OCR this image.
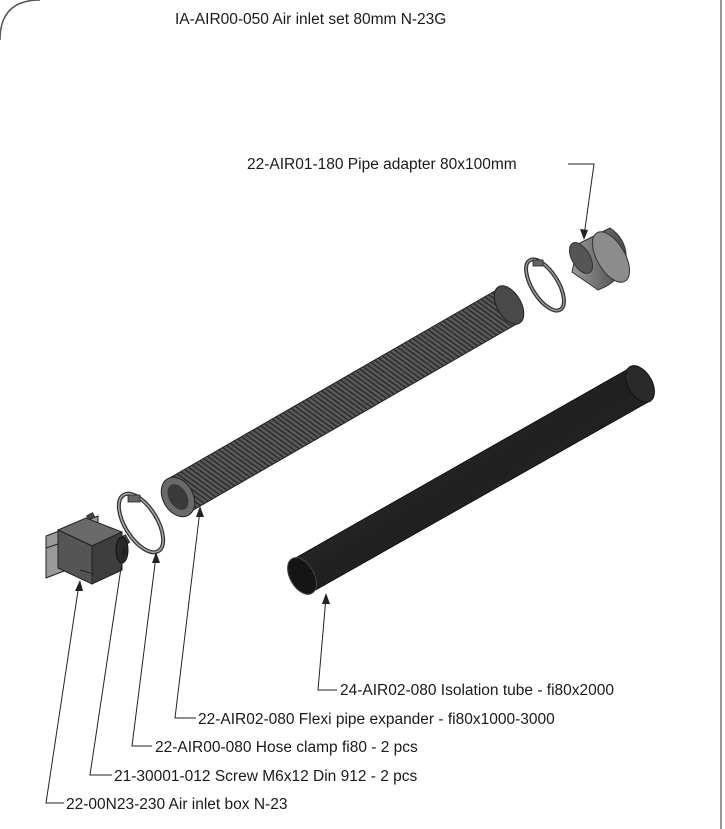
IA-AIR00-050 Air inlet set 80mm N-23G
22-AIR01-180 Pipe adapter 80x100mm
24-AIR02-080 Isolation tube - fi80x2000
22-AIR02-080 Flexi pipe expander - fi80x1000-3000
22-AIR00-080 Hose clamp fi80 - 2 pcs
21-30001-012 Screw M6x12 Din 912 - 2 pcs
22-00N23-230 Air inlet box N-23
